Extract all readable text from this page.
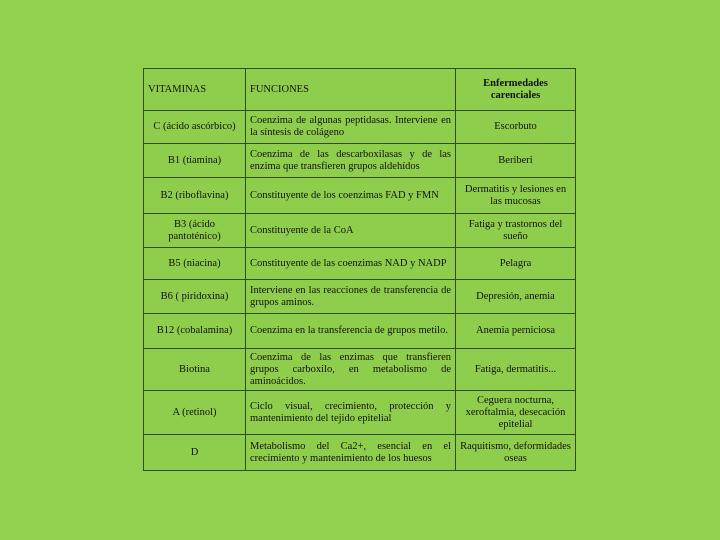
VITAMINAS	FUNCIONES	Enfermedades carenciales
C (ácido ascórbico)	Coenzima de algunas peptidasas. Interviene en la síntesis de colágeno	Escorbuto
B1 (tiamina)	Coenzima de las descarboxilasas y de las enzima que transfieren grupos aldehídos	Beriberi
B2 (riboflavina)	Constituyente de los coenzimas FAD y FMN	Dermatitis y lesiones en las mucosas
B3 (ácido pantoténico)	Constituyente de la CoA	Fatiga y trastornos del sueño
B5 (niacina)	Constituyente de las coenzimas NAD y NADP	Pelagra
B6 ( piridoxina)	Interviene en las reacciones de transferencia de grupos aminos.	Depresión, anemia
B12 (cobalamina)	Coenzima en la transferencia de grupos metilo.	Anemia perniciosa
Biotina	Coenzima de las enzimas que transfieren grupos carboxilo, en metabolismo de aminoácidos.	Fatiga, dermatitis...
A (retinol)	Ciclo visual, crecimiento, protección y mantenimiento del tejido epitelial	Ceguera nocturna, xeroftalmia, desecación epitelial
D	Metabolismo del Ca2+, esencial en el crecimiento y mantenimiento de los huesos	Raquitismo, deformidades oseas
